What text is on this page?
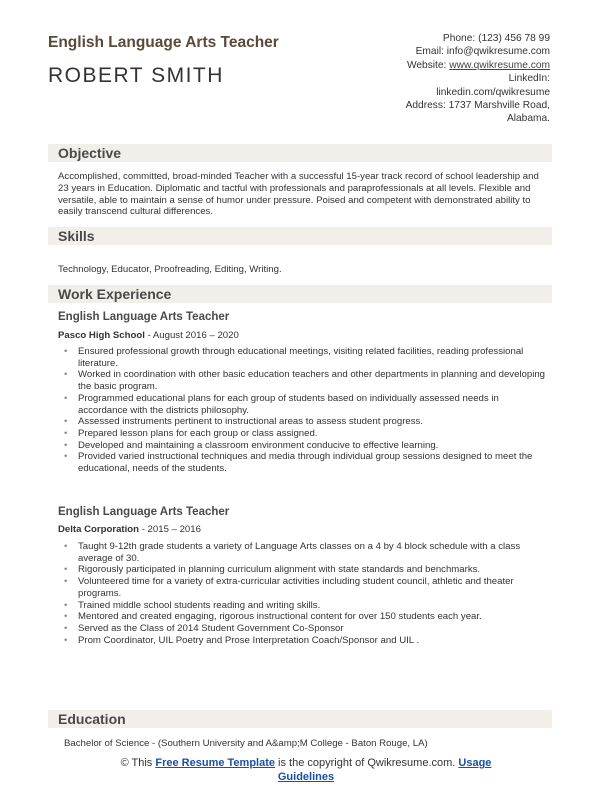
English Language Arts Teacher
ROBERT SMITH
Phone: (123) 456 78 99
Email: info@qwikresume.com
Website: www.qwikresume.com
LinkedIn:
linkedin.com/qwikresume
Address: 1737 Marshville Road,
Alabama.
Objective
Accomplished, committed, broad-minded Teacher with a successful 15-year track record of school leadership and 23 years in Education. Diplomatic and tactful with professionals and paraprofessionals at all levels. Flexible and versatile, able to maintain a sense of humor under pressure. Poised and competent with demonstrated ability to easily transcend cultural differences.
Skills
Technology, Educator, Proofreading, Editing, Writing.
Work Experience
English Language Arts Teacher
Pasco High School - August 2016 – 2020
• Ensured professional growth through educational meetings, visiting related facilities, reading professional literature.
• Worked in coordination with other basic education teachers and other departments in planning and developing the basic program.
• Programmed educational plans for each group of students based on individually assessed needs in accordance with the districts philosophy.
• Assessed instruments pertinent to instructional areas to assess student progress.
• Prepared lesson plans for each group or class assigned.
• Developed and maintaining a classroom environment conducive to effective learning.
• Provided varied instructional techniques and media through individual group sessions designed to meet the educational, needs of the students.
English Language Arts Teacher
Delta Corporation - 2015 – 2016
• Taught 9-12th grade students a variety of Language Arts classes on a 4 by 4 block schedule with a class average of 30.
• Rigorously participated in planning curriculum alignment with state standards and benchmarks.
• Volunteered time for a variety of extra-curricular activities including student council, athletic and theater programs.
• Trained middle school students reading and writing skills.
• Mentored and created engaging, rigorous instructional content for over 150 students each year.
• Served as the Class of 2014 Student Government Co-Sponsor
• Prom Coordinator, UIL Poetry and Prose Interpretation Coach/Sponsor and UIL .
Education
Bachelor of Science - (Southern University and A&amp;M College - Baton Rouge, LA)
© This Free Resume Template is the copyright of Qwikresume.com. Usage
Guidelines
